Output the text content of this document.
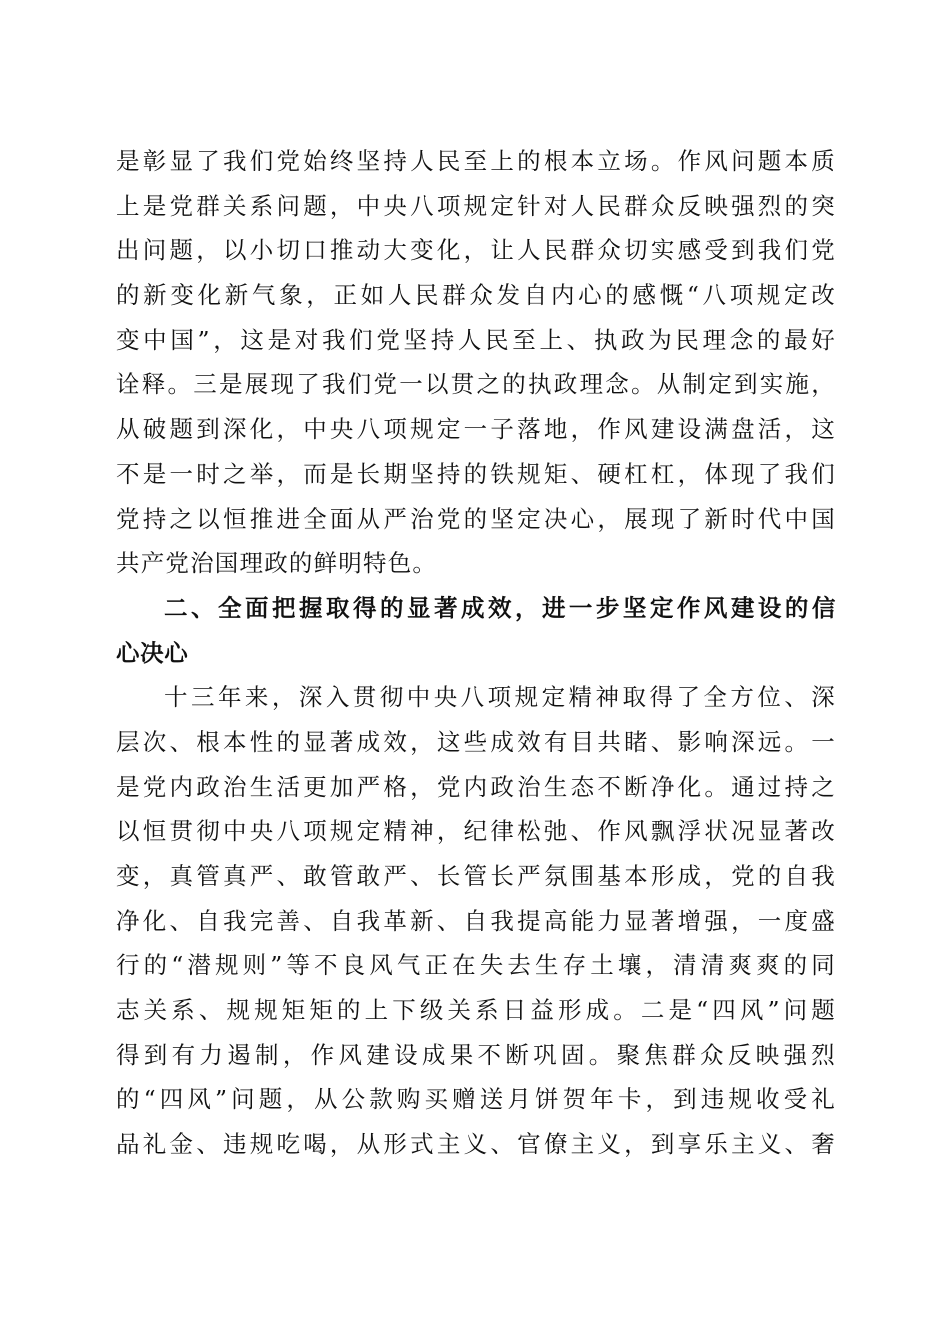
是彰显了我们党始终坚持人民至上的根本立场。作风问题本质
上是党群关系问题，中央八项规定针对人民群众反映强烈的突
出问题，以小切口推动大变化，让人民群众切实感受到我们党
的新变化新气象，正如人民群众发自内心的感慨“八项规定改
变中国”，这是对我们党坚持人民至上、执政为民理念的最好
诠释。三是展现了我们党一以贯之的执政理念。从制定到实施，
从破题到深化，中央八项规定一子落地，作风建设满盘活，这
不是一时之举，而是长期坚持的铁规矩、硬杠杠，体现了我们
党持之以恒推进全面从严治党的坚定决心，展现了新时代中国
共产党治国理政的鲜明特色。
二、全面把握取得的显著成效，进一步坚定作风建设的信
心决心
十三年来，深入贯彻中央八项规定精神取得了全方位、深
层次、根本性的显著成效，这些成效有目共睹、影响深远。一
是党内政治生活更加严格，党内政治生态不断净化。通过持之
以恒贯彻中央八项规定精神，纪律松弛、作风飘浮状况显著改
变，真管真严、敢管敢严、长管长严氛围基本形成，党的自我
净化、自我完善、自我革新、自我提高能力显著增强，一度盛
行的“潜规则”等不良风气正在失去生存土壤，清清爽爽的同
志关系、规规矩矩的上下级关系日益形成。二是“四风”问题
得到有力遏制，作风建设成果不断巩固。聚焦群众反映强烈
的“四风”问题，从公款购买赠送月饼贺年卡，到违规收受礼
品礼金、违规吃喝，从形式主义、官僚主义，到享乐主义、奢
